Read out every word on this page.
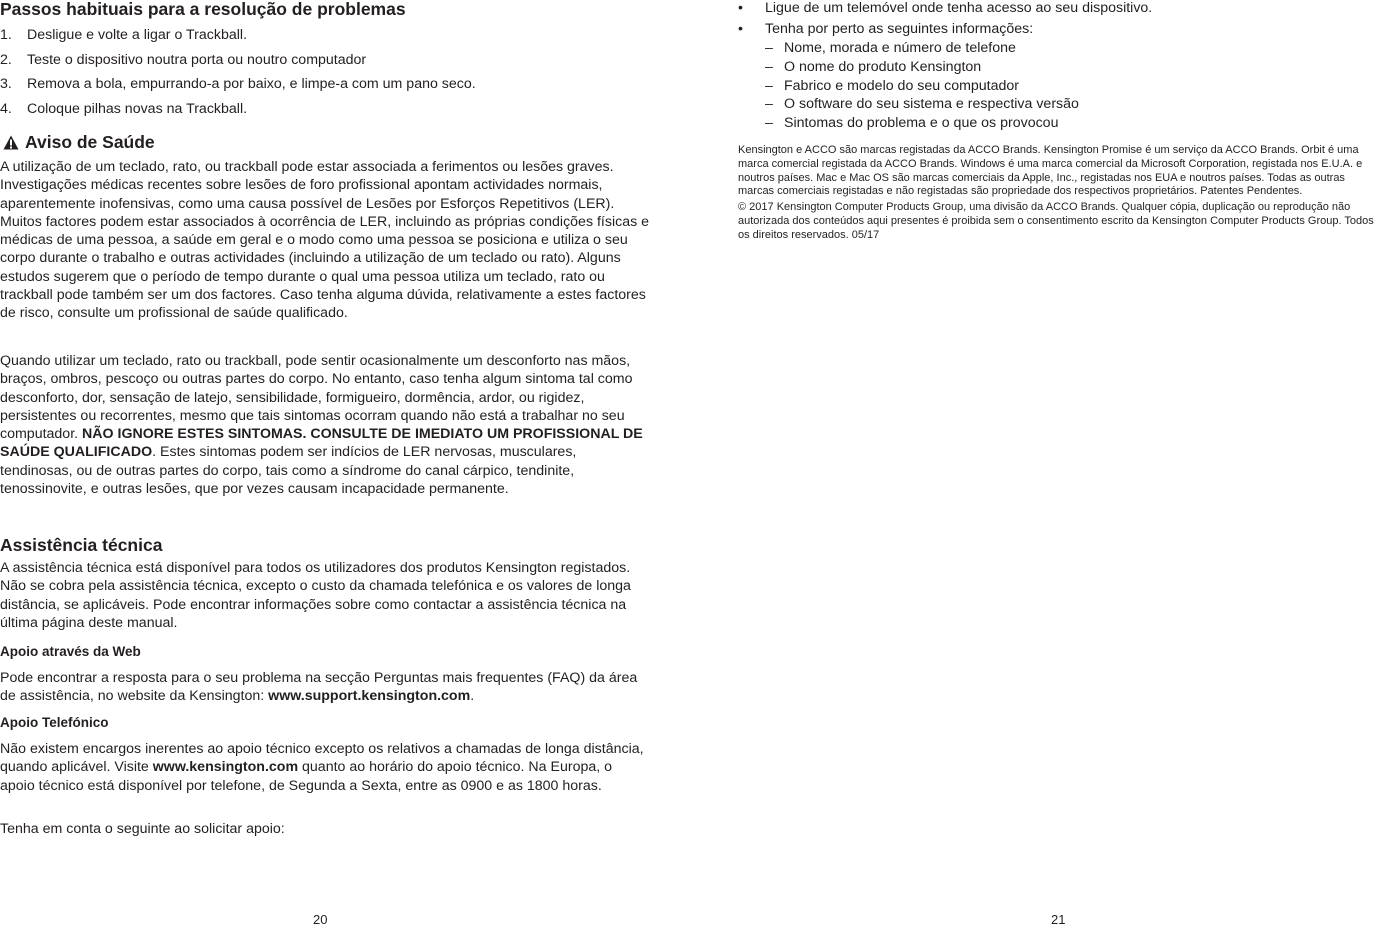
Passos habituais para a resolução de problemas
1.	Desligue e volte a ligar o Trackball.
2.	Teste o dispositivo noutra porta ou noutro computador
3.	Remova a bola, empurrando-a por baixo, e limpe-a com um pano seco.
4.	Coloque pilhas novas na Trackball.
Aviso de Saúde

A utilização de um teclado, rato, ou trackball pode estar associada a ferimentos ou lesões graves. Investigações médicas recentes sobre lesões de foro profissional apontam actividades normais, aparentemente inofensivas, como uma causa possível de Lesões por Esforços Repetitivos (LER). Muitos factores podem estar associados à ocorrência de LER, incluindo as próprias condições físicas e médicas de uma pessoa, a saúde em geral e o modo como uma pessoa se posiciona e utiliza o seu corpo durante o trabalho e outras actividades (incluindo a utilização de um teclado ou rato). Alguns estudos sugerem que o período de tempo durante o qual uma pessoa utiliza um teclado, rato ou trackball pode também ser um dos factores. Caso tenha alguma dúvida, relativamente a estes factores de risco, consulte um profissional de saúde qualificado.

Quando utilizar um teclado, rato ou trackball, pode sentir ocasionalmente um desconforto nas mãos, braços, ombros, pescoço ou outras partes do corpo. No entanto, caso tenha algum sintoma tal como desconforto, dor, sensação de latejo, sensibilidade, formigueiro, dormência, ardor, ou rigidez, persistentes ou recorrentes, mesmo que tais sintomas ocorram quando não está a trabalhar no seu computador. NÃO IGNORE ESTES SINTOMAS. CONSULTE DE IMEDIATO UM PROFISSIONAL DE SAÚDE QUALIFICADO. Estes sintomas podem ser indícios de LER nervosas, musculares, tendinosas, ou de outras partes do corpo, tais como a síndrome do canal cárpico, tendinite, tenossinovite, e outras lesões, que por vezes causam incapacidade permanente.

Assistência técnica

A assistência técnica está disponível para todos os utilizadores dos produtos Kensington registados. Não se cobra pela assistência técnica, excepto o custo da chamada telefónica e os valores de longa distância, se aplicáveis. Pode encontrar informações sobre como contactar a assistência técnica na última página deste manual.

Apoio através da Web

Pode encontrar a resposta para o seu problema na secção Perguntas mais frequentes (FAQ) da área de assistência, no website da Kensington: www.support.kensington.com.

Apoio Telefónico

Não existem encargos inerentes ao apoio técnico excepto os relativos a chamadas de longa distância, quando aplicável. Visite www.kensington.com quanto ao horário do apoio técnico. Na Europa, o apoio técnico está disponível por telefone, de Segunda a Sexta, entre as 0900 e as 1800 horas.

Tenha em conta o seguinte ao solicitar apoio:

20
•	Ligue de um telemóvel onde tenha acesso ao seu dispositivo.
•	Tenha por perto as seguintes informações:
– Nome, morada e número de telefone
– O nome do produto Kensington
– Fabrico e modelo do seu computador
– O software do seu sistema e respectiva versão
– Sintomas do problema e o que os provocou

Kensington e ACCO são marcas registadas da ACCO Brands. Kensington Promise é um serviço da ACCO Brands. Orbit é uma marca comercial registada da ACCO Brands. Windows é uma marca comercial da Microsoft Corporation, registada nos E.U.A. e noutros países. Mac e Mac OS são marcas comerciais da Apple, Inc., registadas nos EUA e noutros países. Todas as outras marcas comerciais registadas e não registadas são propriedade dos respectivos proprietários. Patentes Pendentes.

© 2017 Kensington Computer Products Group, uma divisão da ACCO Brands. Qualquer cópia, duplicação ou reprodução não autorizada dos conteúdos aqui presentes é proibida sem o consentimento escrito da Kensington Computer Products Group. Todos os direitos reservados. 05/17

21
